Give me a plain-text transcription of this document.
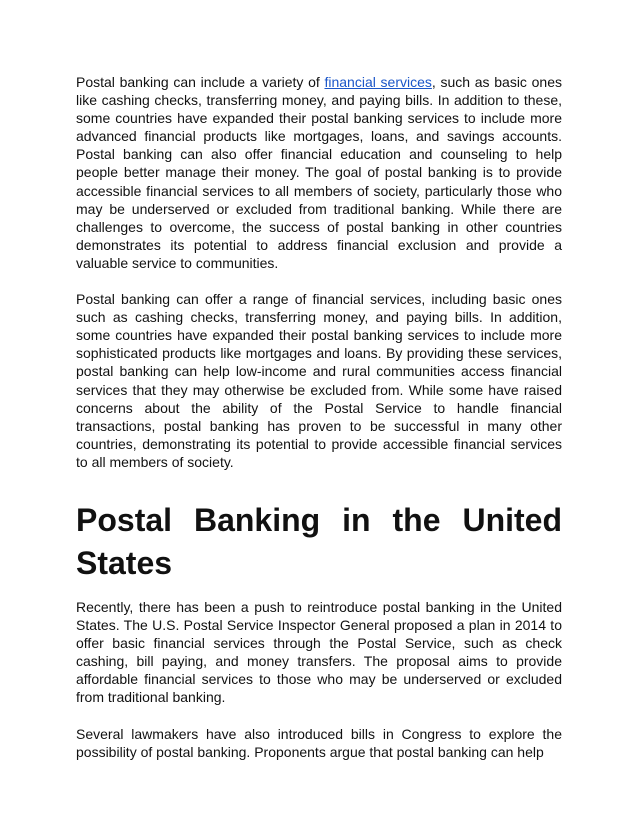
Postal banking can include a variety of financial services, such as basic ones like cashing checks, transferring money, and paying bills. In addition to these, some countries have expanded their postal banking services to include more advanced financial products like mortgages, loans, and savings accounts. Postal banking can also offer financial education and counseling to help people better manage their money. The goal of postal banking is to provide accessible financial services to all members of society, particularly those who may be underserved or excluded from traditional banking. While there are challenges to overcome, the success of postal banking in other countries demonstrates its potential to address financial exclusion and provide a valuable service to communities.

Postal banking can offer a range of financial services, including basic ones such as cashing checks, transferring money, and paying bills. In addition, some countries have expanded their postal banking services to include more sophisticated products like mortgages and loans. By providing these services, postal banking can help low-income and rural communities access financial services that they may otherwise be excluded from. While some have raised concerns about the ability of the Postal Service to handle financial transactions, postal banking has proven to be successful in many other countries, demonstrating its potential to provide accessible financial services to all members of society.

Postal Banking in the United States

Recently, there has been a push to reintroduce postal banking in the United States. The U.S. Postal Service Inspector General proposed a plan in 2014 to offer basic financial services through the Postal Service, such as check cashing, bill paying, and money transfers. The proposal aims to provide affordable financial services to those who may be underserved or excluded from traditional banking.

Several lawmakers have also introduced bills in Congress to explore the possibility of postal banking. Proponents argue that postal banking can help
